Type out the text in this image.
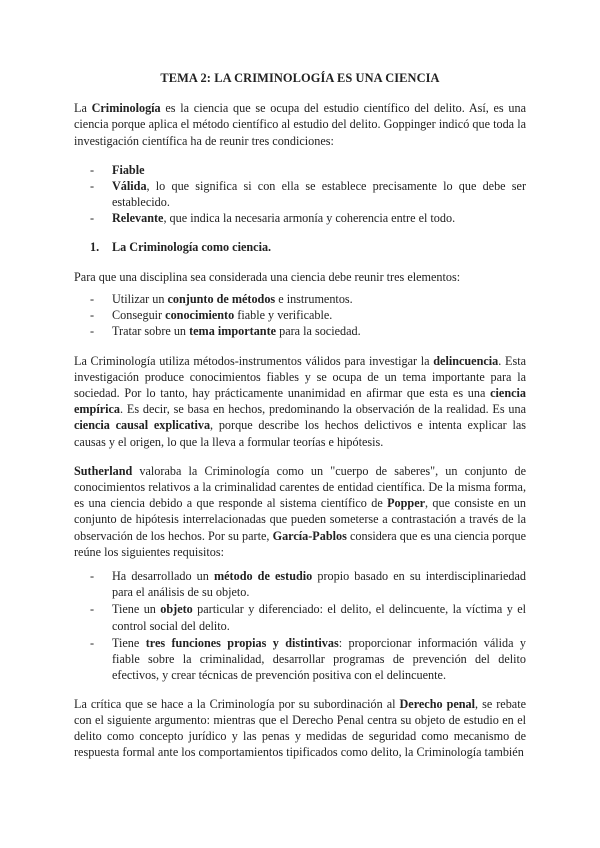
TEMA 2: LA CRIMINOLOGÍA ES UNA CIENCIA

La Criminología es la ciencia que se ocupa del estudio científico del delito. Así, es una ciencia porque aplica el método científico al estudio del delito. Goppinger indicó que toda la investigación científica ha de reunir tres condiciones:

- Fiable
- Válida, lo que significa si con ella se establece precisamente lo que debe ser establecido.
- Relevante, que indica la necesaria armonía y coherencia entre el todo.
1. La Criminología como ciencia.

Para que una disciplina sea considerada una ciencia debe reunir tres elementos:

- Utilizar un conjunto de métodos e instrumentos.
- Conseguir conocimiento fiable y verificable.
- Tratar sobre un tema importante para la sociedad.

La Criminología utiliza métodos-instrumentos válidos para investigar la delincuencia. Esta investigación produce conocimientos fiables y se ocupa de un tema importante para la sociedad. Por lo tanto, hay prácticamente unanimidad en afirmar que esta es una ciencia empírica. Es decir, se basa en hechos, predominando la observación de la realidad. Es una ciencia causal explicativa, porque describe los hechos delictivos e intenta explicar las causas y el origen, lo que la lleva a formular teorías e hipótesis.

Sutherland valoraba la Criminología como un "cuerpo de saberes", un conjunto de conocimientos relativos a la criminalidad carentes de entidad científica. De la misma forma, es una ciencia debido a que responde al sistema científico de Popper, que consiste en un conjunto de hipótesis interrelacionadas que pueden someterse a contrastación a través de la observación de los hechos. Por su parte, García-Pablos considera que es una ciencia porque reúne los siguientes requisitos:

- Ha desarrollado un método de estudio propio basado en su interdisciplinariedad para el análisis de su objeto.
- Tiene un objeto particular y diferenciado: el delito, el delincuente, la víctima y el control social del delito.
- Tiene tres funciones propias y distintivas: proporcionar información válida y fiable sobre la criminalidad, desarrollar programas de prevención del delito efectivos, y crear técnicas de prevención positiva con el delincuente.

La crítica que se hace a la Criminología por su subordinación al Derecho penal, se rebate con el siguiente argumento: mientras que el Derecho Penal centra su objeto de estudio en el delito como concepto jurídico y las penas y medidas de seguridad como mecanismo de respuesta formal ante los comportamientos tipificados como delito, la Criminología también
